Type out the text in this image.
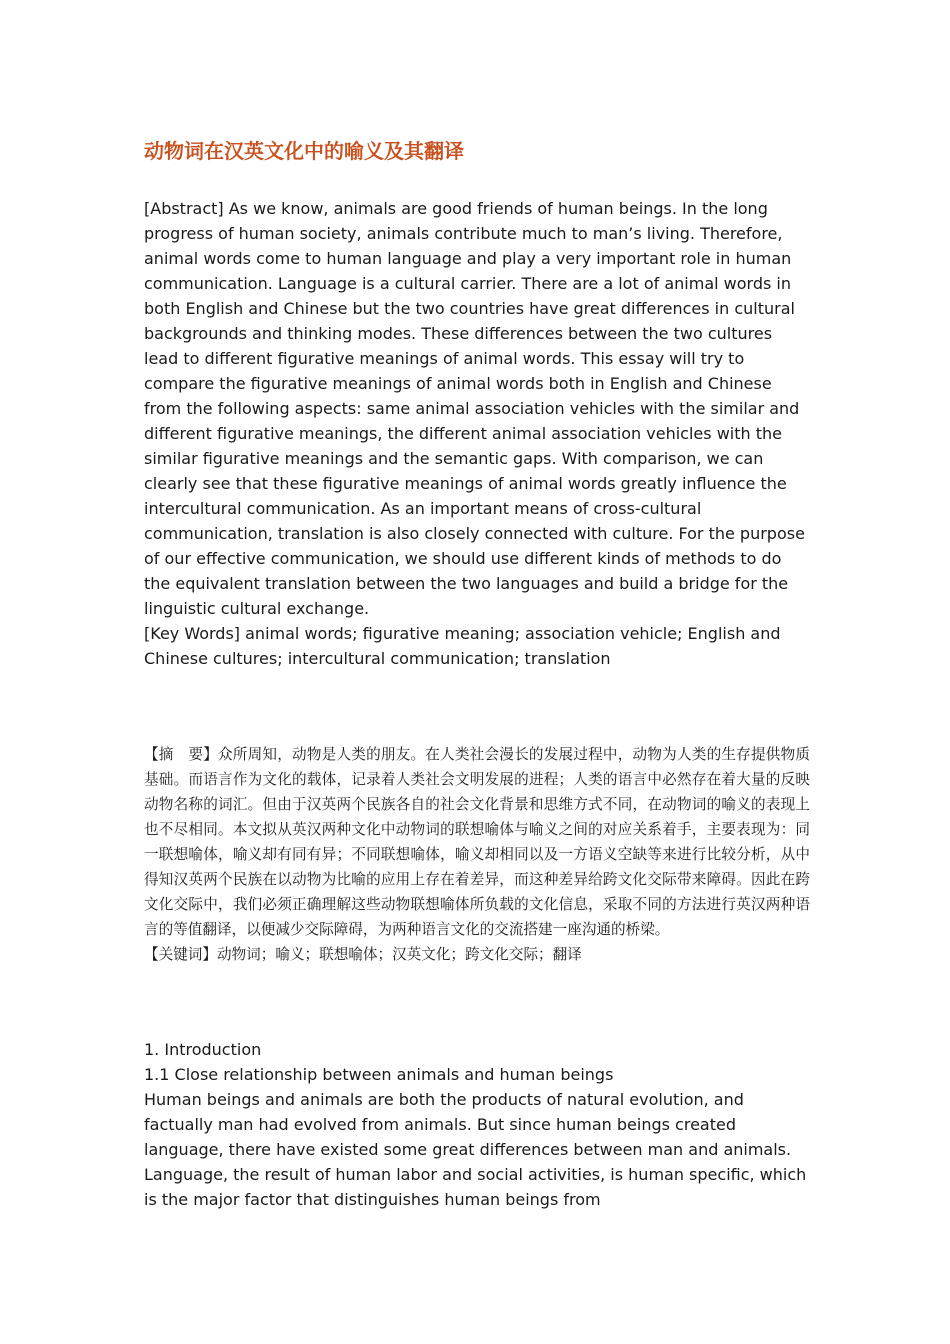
动物词在汉英文化中的喻义及其翻译

[Abstract] As we know, animals are good friends of human beings. In the long progress of human society, animals contribute much to man’s living. Therefore, animal words come to human language and play a very important role in human communication. Language is a cultural carrier. There are a lot of animal words in both English and Chinese but the two countries have great differences in cultural backgrounds and thinking modes. These differences between the two cultures lead to different figurative meanings of animal words. This essay will try to compare the figurative meanings of animal words both in English and Chinese from the following aspects: same animal association vehicles with the similar and different figurative meanings, the different animal association vehicles with the similar figurative meanings and the semantic gaps. With comparison, we can clearly see that these figurative meanings of animal words greatly influence the intercultural communication. As an important means of cross-cultural communication, translation is also closely connected with culture. For the purpose of our effective communication, we should use different kinds of methods to do the equivalent translation between the two languages and build a bridge for the linguistic cultural exchange.

[Key Words] animal words; figurative meaning; association vehicle; English and Chinese cultures; intercultural communication; translation

【摘　要】众所周知，动物是人类的朋友。在人类社会漫长的发展过程中，动物为人类的生存提供物质基础。而语言作为文化的载体，记录着人类社会文明发展的进程；人类的语言中必然存在着大量的反映动物名称的词汇。但由于汉英两个民族各自的社会文化背景和思维方式不同，在动物词的喻义的表现上也不尽相同。本文拟从英汉两种文化中动物词的联想喻体与喻义之间的对应关系着手，主要表现为：同一联想喻体，喻义却有同有异；不同联想喻体，喻义却相同以及一方语义空缺等来进行比较分析，从中得知汉英两个民族在以动物为比喻的应用上存在着差异，而这种差异给跨文化交际带来障碍。因此在跨文化交际中，我们必须正确理解这些动物联想喻体所负载的文化信息，采取不同的方法进行英汉两种语言的等值翻译，以便减少交际障碍，为两种语言文化的交流搭建一座沟通的桥梁。

【关键词】动物词；喻义；联想喻体；汉英文化；跨文化交际；翻译

1. Introduction

1.1 Close relationship between animals and human beings

Human beings and animals are both the products of natural evolution, and factually man had evolved from animals. But since human beings created language, there have existed some great differences between man and animals. Language, the result of human labor and social activities, is human specific, which is the major factor that distinguishes human beings from
